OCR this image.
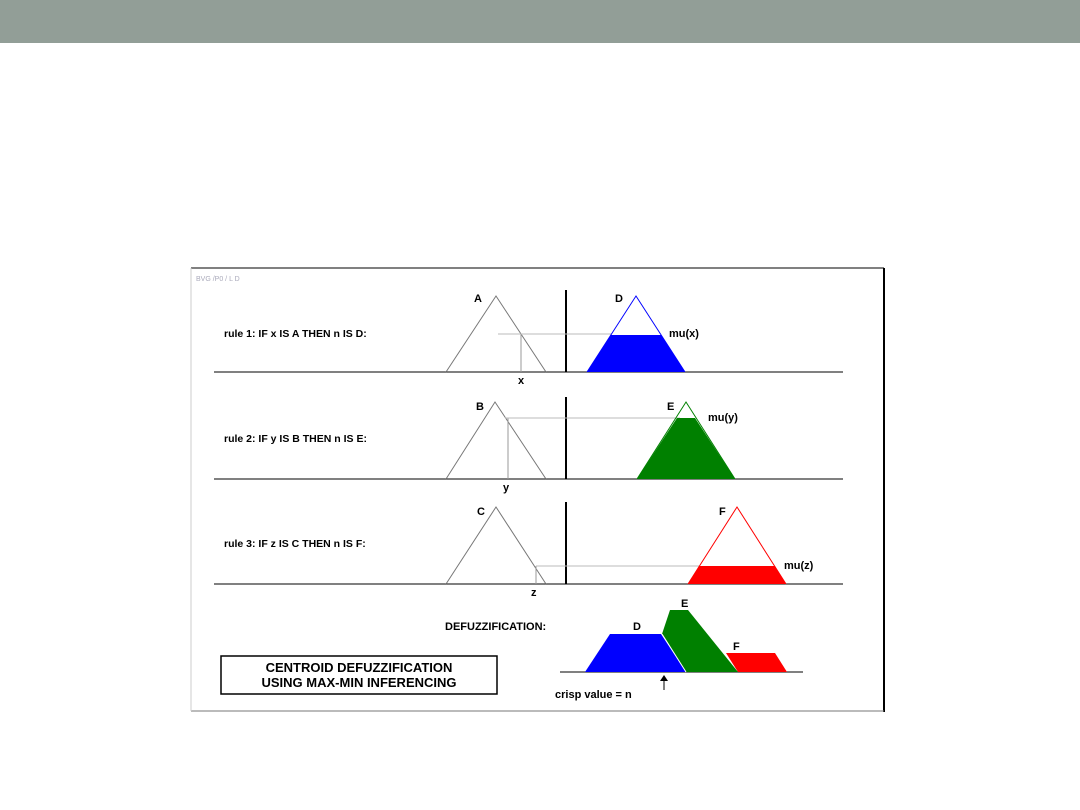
BVG /P0 / L D
rule 1: IF x IS A THEN n IS D:
A
x
D
mu(x)
rule 2: IF y IS B THEN n IS E:
B
y
E
mu(y)
rule 3: IF z IS C THEN n IS F:
C
z
F
mu(z)
DEFUZZIFICATION:	D
E
F
crisp value = n
CENTROID DEFUZZIFICATION
USING MAX-MIN INFERENCING
